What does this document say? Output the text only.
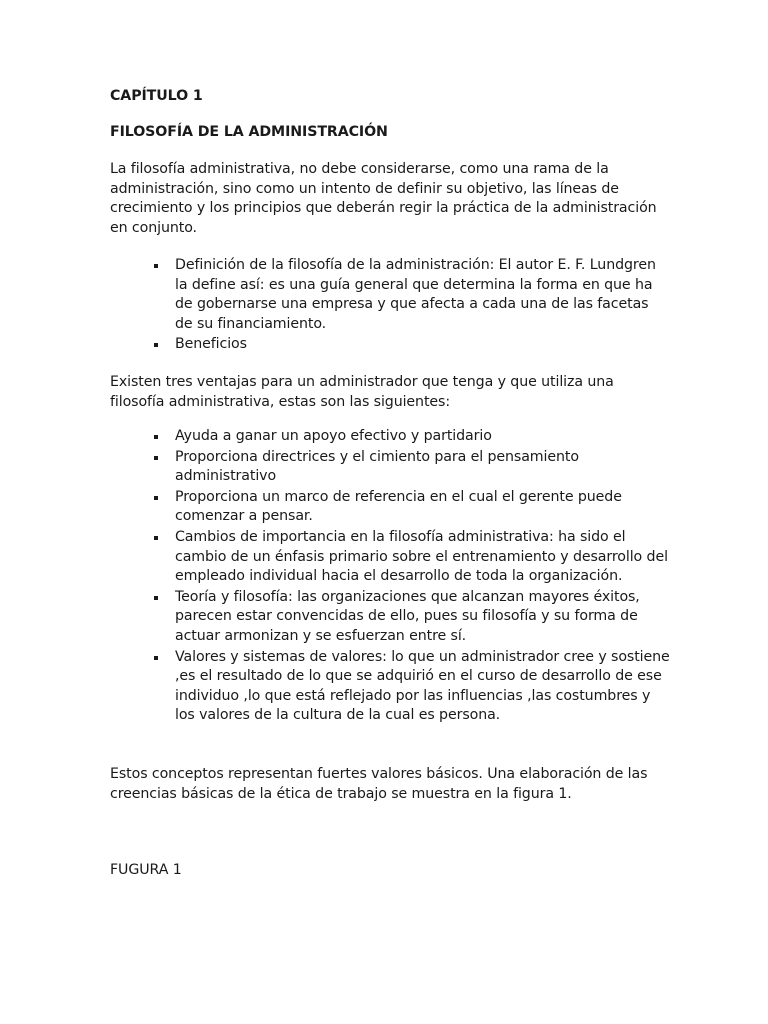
CAPÍTULO 1

FILOSOFÍA DE LA ADMINISTRACIÓN

La filosofía administrativa, no debe considerarse, como una rama de la administración, sino como un intento de definir su objetivo, las líneas de crecimiento y los principios que deberán regir la práctica de la administración en conjunto.

Definición de la filosofía de la administración: El autor E. F. Lundgren la define así: es una guía general que determina la forma en que ha de gobernarse una empresa y que afecta a cada una de las facetas de su financiamiento.
Beneficios

Existen tres ventajas para un administrador que tenga y que utiliza una filosofía administrativa, estas son las siguientes:

Ayuda a ganar un apoyo efectivo y partidario
Proporciona directrices y el cimiento para el pensamiento administrativo
Proporciona un marco de referencia en el cual el gerente puede comenzar a pensar.
Cambios de importancia en la filosofía administrativa: ha sido el cambio de un énfasis primario sobre el entrenamiento y desarrollo del empleado individual hacia el desarrollo de toda la organización.
Teoría y filosofía: las organizaciones que alcanzan mayores éxitos, parecen estar convencidas de ello, pues su filosofía y su forma de actuar armonizan y se esfuerzan entre sí.
Valores y sistemas de valores: lo que un administrador cree y sostiene ,es el resultado de lo que se adquirió en el curso de desarrollo de ese individuo ,lo que está reflejado por las influencias ,las costumbres y los valores de la cultura de la cual es persona.

Estos conceptos representan fuertes valores básicos. Una elaboración de las creencias básicas de la ética de trabajo se muestra en la figura 1.

FUGURA 1
